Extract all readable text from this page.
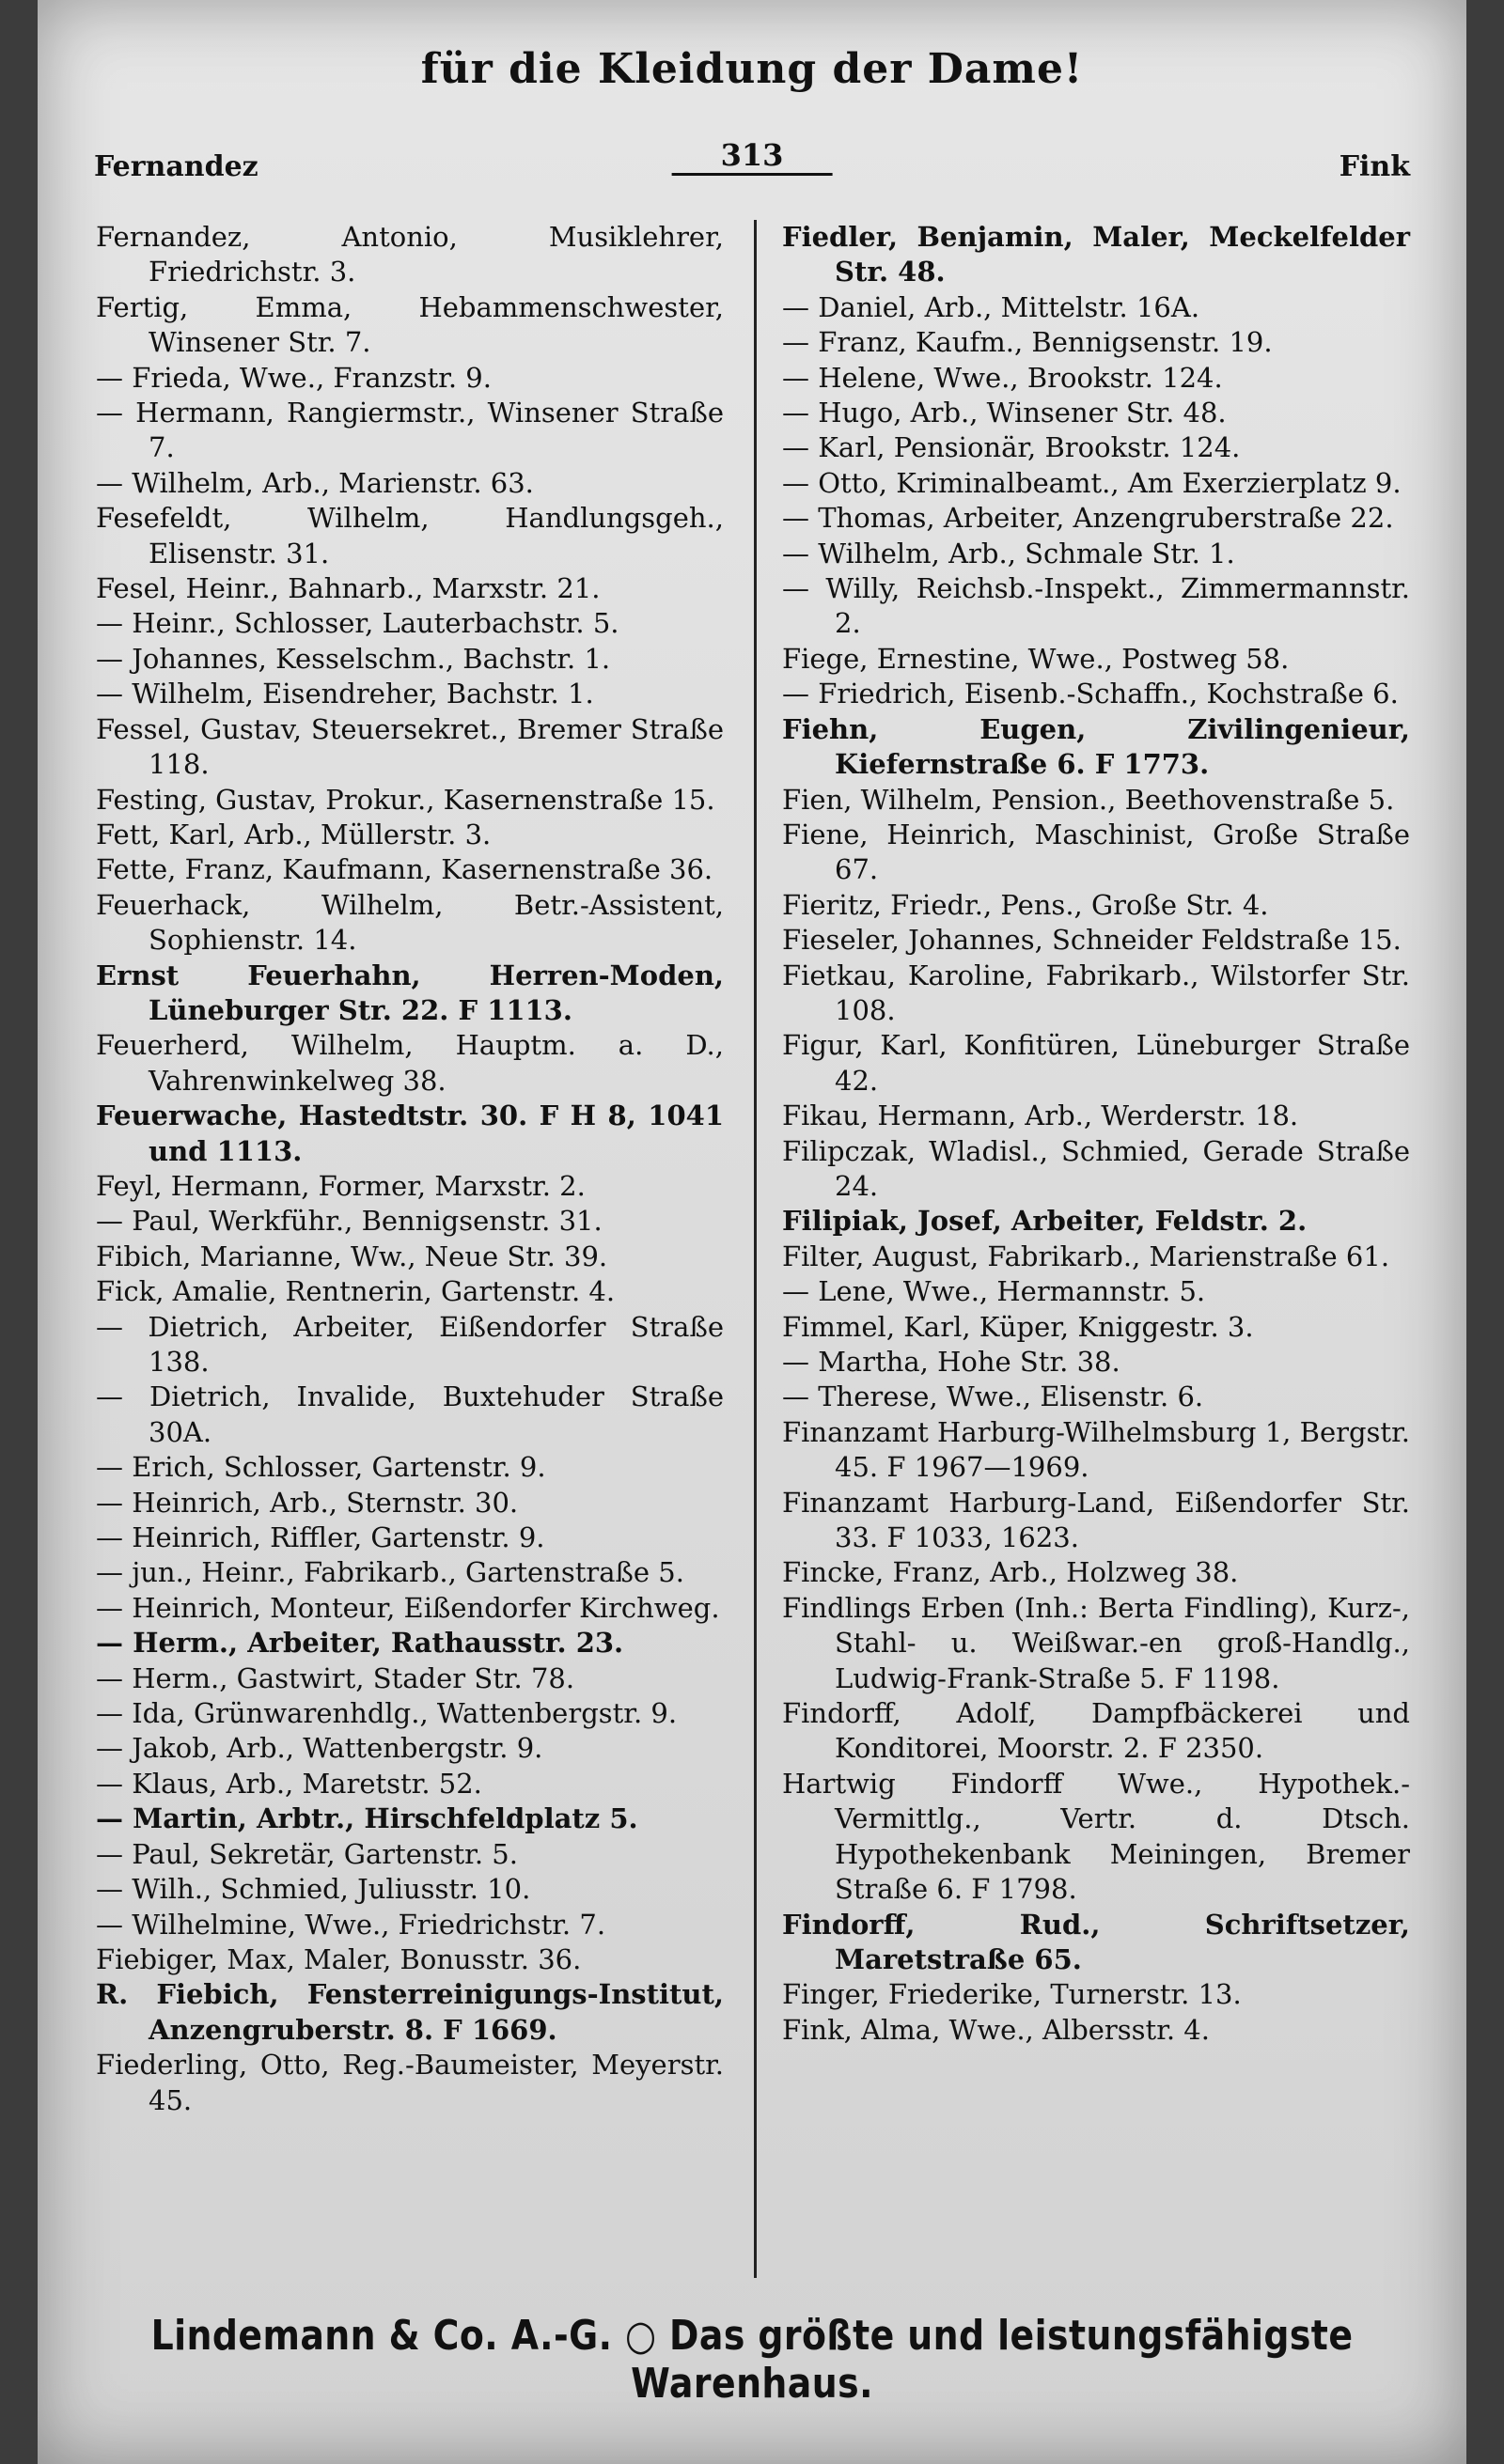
für die Kleidung der Dame!
Fernandez	313	Fink
Fernandez, Antonio, Musiklehrer, Friedrichstr. 3.
Fertig, Emma, Hebammenschwester, Winsener Str. 7.
— Frieda, Wwe., Franzstr. 9.
— Hermann, Rangiermstr., Winsener Straße 7.
— Wilhelm, Arb., Marienstr. 63.
Fesefeldt, Wilhelm, Handlungsgeh., Elisenstr. 31.
Fesel, Heinr., Bahnarb., Marxstr. 21.
— Heinr., Schlosser, Lauterbachstr. 5.
— Johannes, Kesselschm., Bachstr. 1.
— Wilhelm, Eisendreher, Bachstr. 1.
Fessel, Gustav, Steuersekret., Bremer Straße 118.
Festing, Gustav, Prokur., Kasernenstraße 15.
Fett, Karl, Arb., Müllerstr. 3.
Fette, Franz, Kaufmann, Kasernenstraße 36.
Feuerhack, Wilhelm, Betr.-Assistent, Sophienstr. 14.
Ernst Feuerhahn, Herren-Moden, Lüneburger Str. 22. F 1113.
Feuerherd, Wilhelm, Hauptm. a. D., Vahrenwinkelweg 38.
Feuerwache, Hastedtstr. 30. F H 8, 1041 und 1113.
Feyl, Hermann, Former, Marxstr. 2.
— Paul, Werkführ., Bennigsenstr. 31.
Fibich, Marianne, Ww., Neue Str. 39.
Fick, Amalie, Rentnerin, Gartenstr. 4.
— Dietrich, Arbeiter, Eißendorfer Straße 138.
— Dietrich, Invalide, Buxtehuder Straße 30A.
— Erich, Schlosser, Gartenstr. 9.
— Heinrich, Arb., Sternstr. 30.
— Heinrich, Riffler, Gartenstr. 9.
— jun., Heinr., Fabrikarb., Gartenstraße 5.
— Heinrich, Monteur, Eißendorfer Kirchweg.
— Herm., Arbeiter, Rathausstr. 23.
— Herm., Gastwirt, Stader Str. 78.
— Ida, Grünwarenhdlg., Wattenbergstr. 9.
— Jakob, Arb., Wattenbergstr. 9.
— Klaus, Arb., Maretstr. 52.
— Martin, Arbtr., Hirschfeldplatz 5.
— Paul, Sekretär, Gartenstr. 5.
— Wilh., Schmied, Juliusstr. 10.
— Wilhelmine, Wwe., Friedrichstr. 7.
Fiebiger, Max, Maler, Bonusstr. 36.
R. Fiebich, Fensterreinigungs-Institut, Anzengruberstr. 8. F 1669.
Fiederling, Otto, Reg.-Baumeister, Meyerstr. 45.
Fiedler, Benjamin, Maler, Meckelfelder Str. 48.
— Daniel, Arb., Mittelstr. 16A.
— Franz, Kaufm., Bennigsenstr. 19.
— Helene, Wwe., Brookstr. 124.
— Hugo, Arb., Winsener Str. 48.
— Karl, Pensionär, Brookstr. 124.
— Otto, Kriminalbeamt., Am Exerzierplatz 9.
— Thomas, Arbeiter, Anzengruberstraße 22.
— Wilhelm, Arb., Schmale Str. 1.
— Willy, Reichsb.-Inspekt., Zimmermannstr. 2.
Fiege, Ernestine, Wwe., Postweg 58.
— Friedrich, Eisenb.-Schaffn., Kochstraße 6.
Fiehn, Eugen, Zivilingenieur, Kiefernstraße 6. F 1773.
Fien, Wilhelm, Pension., Beethovenstraße 5.
Fiene, Heinrich, Maschinist, Große Straße 67.
Fieritz, Friedr., Pens., Große Str. 4.
Fieseler, Johannes, Schneider Feldstraße 15.
Fietkau, Karoline, Fabrikarb., Wilstorfer Str. 108.
Figur, Karl, Konfitüren, Lüneburger Straße 42.
Fikau, Hermann, Arb., Werderstr. 18.
Filipczak, Wladisl., Schmied, Gerade Straße 24.
Filipiak, Josef, Arbeiter, Feldstr. 2.
Filter, August, Fabrikarb., Marienstraße 61.
— Lene, Wwe., Hermannstr. 5.
Fimmel, Karl, Küper, Kniggestr. 3.
— Martha, Hohe Str. 38.
— Therese, Wwe., Elisenstr. 6.
Finanzamt Harburg-Wilhelmsburg 1, Bergstr. 45. F 1967—1969.
Finanzamt Harburg-Land, Eißendorfer Str. 33. F 1033, 1623.
Fincke, Franz, Arb., Holzweg 38.
Findlings Erben (Inh.: Berta Findling), Kurz-, Stahl- u. Weißwar.-en groß-Handlg., Ludwig-Frank-Straße 5. F 1198.
Findorff, Adolf, Dampfbäckerei und Konditorei, Moorstr. 2. F 2350.
Hartwig Findorff Wwe., Hypothek.-Vermittlg., Vertr. d. Dtsch. Hypothekenbank Meiningen, Bremer Straße 6. F 1798.
Findorff, Rud., Schriftsetzer, Maretstraße 65.
Finger, Friederike, Turnerstr. 13.
Fink, Alma, Wwe., Albersstr. 4.
Lindemann & Co. A.-G. ○ Das größte und leistungsfähigste Warenhaus.
